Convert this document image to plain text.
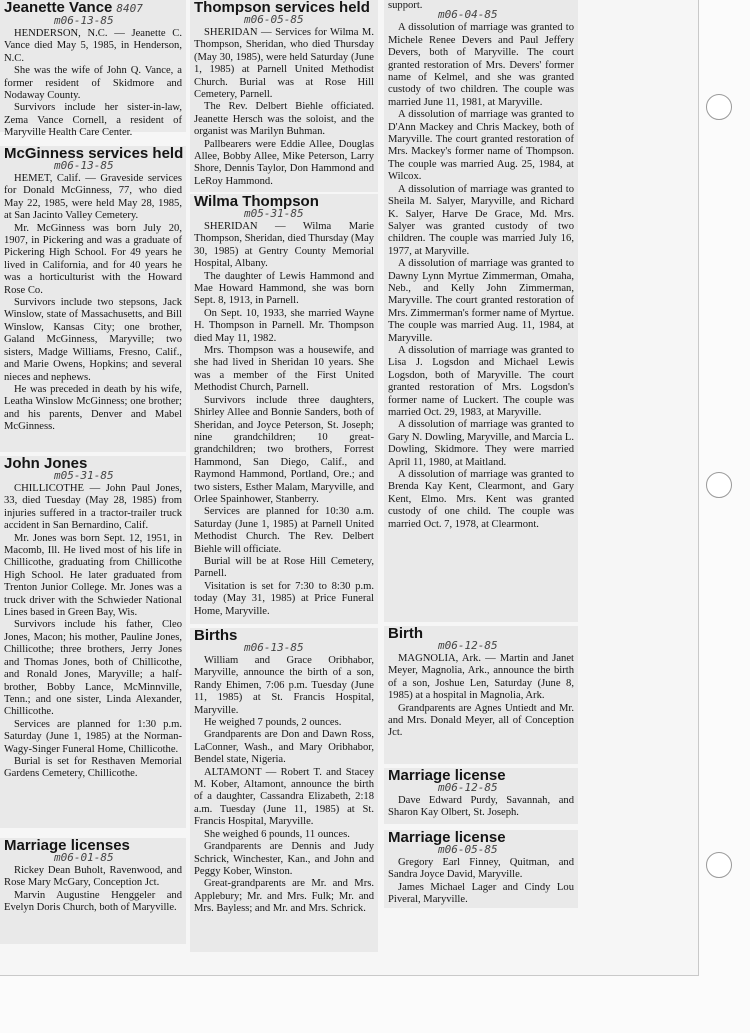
Jeanette Vance 8407
m06-13-85

HENDERSON, N.C. — Jeanette C. Vance died May 5, 1985, in Henderson, N.C.

She was the wife of John Q. Vance, a former resident of Skidmore and Nodaway County.

Survivors include her sister-in-law, Zema Vance Cornell, a resident of Maryville Health Care Center.

McGinness services held
m06-13-85

HEMET, Calif. — Graveside services for Donald McGinness, 77, who died May 22, 1985, were held May 28, 1985, at San Jacinto Valley Cemetery.

Mr. McGinness was born July 20, 1907, in Pickering and was a graduate of Pickering High School. For 49 years he lived in California, and for 40 years he was a horticulturist with the Howard Rose Co.

Survivors include two stepsons, Jack Winslow, state of Massachusetts, and Bill Winslow, Kansas City; one brother, Galand McGinness, Maryville; two sisters, Madge Williams, Fresno, Calif., and Marie Owens, Hopkins; and several nieces and nephews.

He was preceded in death by his wife, Leatha Winslow McGinness; one brother; and his parents, Denver and Mabel McGinness.

John Jones
m05-31-85

CHILLICOTHE — John Paul Jones, 33, died Tuesday (May 28, 1985) from injuries suffered in a tractor-trailer truck accident in San Bernardino, Calif.

Mr. Jones was born Sept. 12, 1951, in Macomb, Ill. He lived most of his life in Chillicothe, graduating from Chillicothe High School. He later graduated from Trenton Junior College. Mr. Jones was a truck driver with the Schwieder National Lines based in Green Bay, Wis.

Survivors include his father, Cleo Jones, Macon; his mother, Pauline Jones, Chillicothe; three brothers, Jerry Jones and Thomas Jones, both of Chillicothe, and Ronald Jones, Maryville; a half-brother, Bobby Lance, McMinnville, Tenn.; and one sister, Linda Alexander, Chillicothe.

Services are planned for 1:30 p.m. Saturday (June 1, 1985) at the Norman-Wagy-Singer Funeral Home, Chillicothe.

Burial is set for Resthaven Memorial Gardens Cemetery, Chillicothe.

Marriage licenses
m06-01-85

Rickey Dean Buholt, Ravenwood, and Rose Mary McGary, Conception Jct.

Marvin Augustine Henggeler and Evelyn Doris Church, both of Maryville.

Thompson services held
m06-05-85

SHERIDAN — Services for Wilma M. Thompson, Sheridan, who died Thursday (May 30, 1985), were held Saturday (June 1, 1985) at Parnell United Methodist Church. Burial was at Rose Hill Cemetery, Parnell.

The Rev. Delbert Biehle officiated. Jeanette Hersch was the soloist, and the organist was Marilyn Buhman.

Pallbearers were Eddie Allee, Douglas Allee, Bobby Allee, Mike Peterson, Larry Shore, Dennis Taylor, Don Hammond and LeRoy Hammond.

Wilma Thompson
m05-31-85

SHERIDAN — Wilma Marie Thompson, Sheridan, died Thursday (May 30, 1985) at Gentry County Memorial Hospital, Albany.

The daughter of Lewis Hammond and Mae Howard Hammond, she was born Sept. 8, 1913, in Parnell.

On Sept. 10, 1933, she married Wayne H. Thompson in Parnell. Mr. Thompson died May 11, 1982.

Mrs. Thompson was a housewife, and she had lived in Sheridan 10 years. She was a member of the First United Methodist Church, Parnell.

Survivors include three daughters, Shirley Allee and Bonnie Sanders, both of Sheridan, and Joyce Peterson, St. Joseph; nine grandchildren; 10 great-grandchildren; two brothers, Forrest Hammond, San Diego, Calif., and Raymond Hammond, Portland, Ore.; and two sisters, Esther Malam, Maryville, and Orlee Spainhower, Stanberry.

Services are planned for 10:30 a.m. Saturday (June 1, 1985) at Parnell United Methodist Church. The Rev. Delbert Biehle will officiate.

Burial will be at Rose Hill Cemetery, Parnell.

Visitation is set for 7:30 to 8:30 p.m. today (May 31, 1985) at Price Funeral Home, Maryville.

Births
m06-13-85

William and Grace Oribhabor, Maryville, announce the birth of a son, Randy Ehimen, 7:06 p.m. Tuesday (June 11, 1985) at St. Francis Hospital, Maryville.

He weighed 7 pounds, 2 ounces.

Grandparents are Don and Dawn Ross, LaConner, Wash., and Mary Oribhabor, Bendel state, Nigeria.

ALTAMONT — Robert T. and Stacey M. Kober, Altamont, announce the birth of a daughter, Cassandra Elizabeth, 2:18 a.m. Tuesday (June 11, 1985) at St. Francis Hospital, Maryville.

She weighed 6 pounds, 11 ounces.

Grandparents are Dennis and Judy Schrick, Winchester, Kan., and John and Peggy Kober, Winston.

Great-grandparents are Mr. and Mrs. Applebury; Mr. and Mrs. Fulk; Mr. and Mrs. Bayless; and Mr. and Mrs. Schrick.

support.

m06-04-85

A dissolution of marriage was granted to Michele Renee Devers and Paul Jeffery Devers, both of Maryville. The court granted restoration of Mrs. Devers' former name of Kelmel, and she was granted custody of two children. The couple was married June 11, 1981, at Maryville.

A dissolution of marriage was granted to D'Ann Mackey and Chris Mackey, both of Maryville. The court granted restoration of Mrs. Mackey's former name of Thompson. The couple was married Aug. 25, 1984, at Wilcox.

A dissolution of marriage was granted to Sheila M. Salyer, Maryville, and Richard K. Salyer, Harve De Grace, Md. Mrs. Salyer was granted custody of two children. The couple was married July 16, 1977, at Maryville.

A dissolution of marriage was granted to Dawny Lynn Myrtue Zimmerman, Omaha, Neb., and Kelly John Zimmerman, Maryville. The court granted restoration of Mrs. Zimmerman's former name of Myrtue. The couple was married Aug. 11, 1984, at Maryville.

A dissolution of marriage was granted to Lisa J. Logsdon and Michael Lewis Logsdon, both of Maryville. The court granted restoration of Mrs. Logsdon's former name of Luckert. The couple was married Oct. 29, 1983, at Maryville.

A dissolution of marriage was granted to Gary N. Dowling, Maryville, and Marcia L. Dowling, Skidmore. They were married April 11, 1980, at Maitland.

A dissolution of marriage was granted to Brenda Kay Kent, Clearmont, and Gary Kent, Elmo. Mrs. Kent was granted custody of one child. The couple was married Oct. 7, 1978, at Clearmont.

Birth
m06-12-85

MAGNOLIA, Ark. — Martin and Janet Meyer, Magnolia, Ark., announce the birth of a son, Joshue Len, Saturday (June 8, 1985) at a hospital in Magnolia, Ark.

Grandparents are Agnes Untiedt and Mr. and Mrs. Donald Meyer, all of Conception Jct.

Marriage license
m06-12-85

Dave Edward Purdy, Savannah, and Sharon Kay Olbert, St. Joseph.

Marriage license
m06-05-85

Gregory Earl Finney, Quitman, and Sandra Joyce David, Maryville.

James Michael Lager and Cindy Lou Piveral, Maryville.
